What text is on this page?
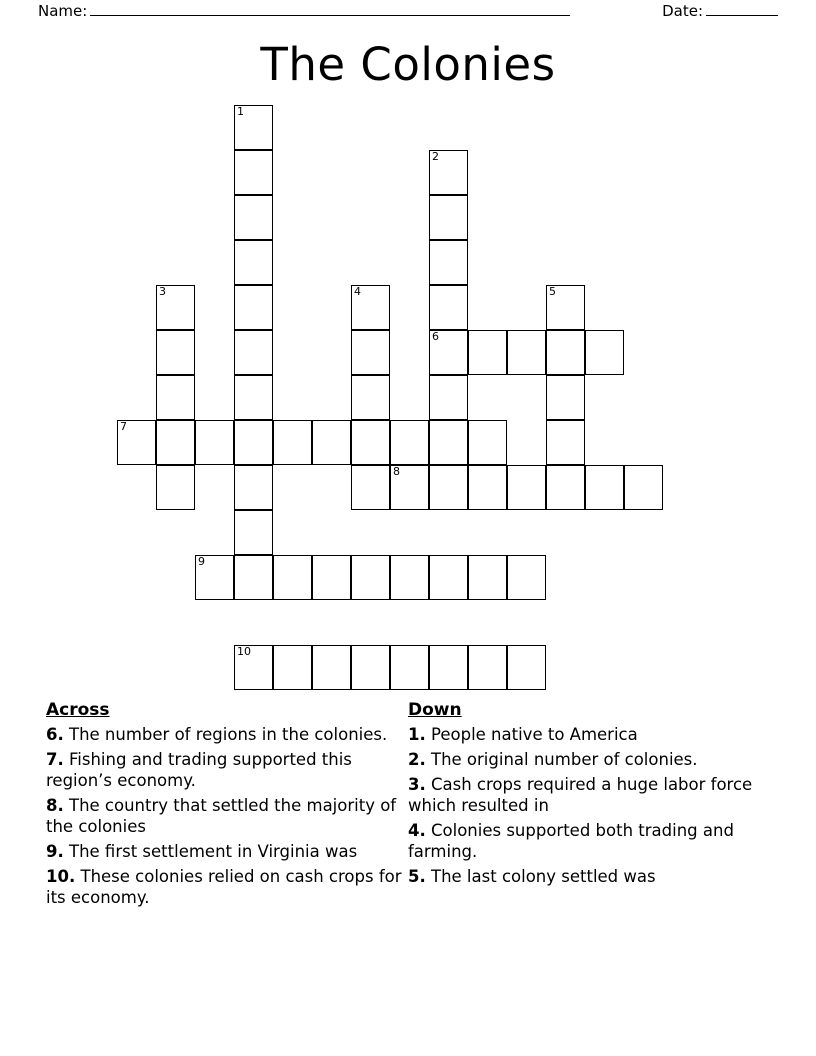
Name:	Date:
The Colonies
1
2
3	4	5
6
7
8
9
10
Across
6. The number of regions in the colonies.
7. Fishing and trading supported this region’s economy.
8. The country that settled the majority of the colonies
9. The first settlement in Virginia was
10. These colonies relied on cash crops for its economy.
Down
1. People native to America
2. The original number of colonies.
3. Cash crops required a huge labor force which resulted in
4. Colonies supported both trading and farming.
5. The last colony settled was
